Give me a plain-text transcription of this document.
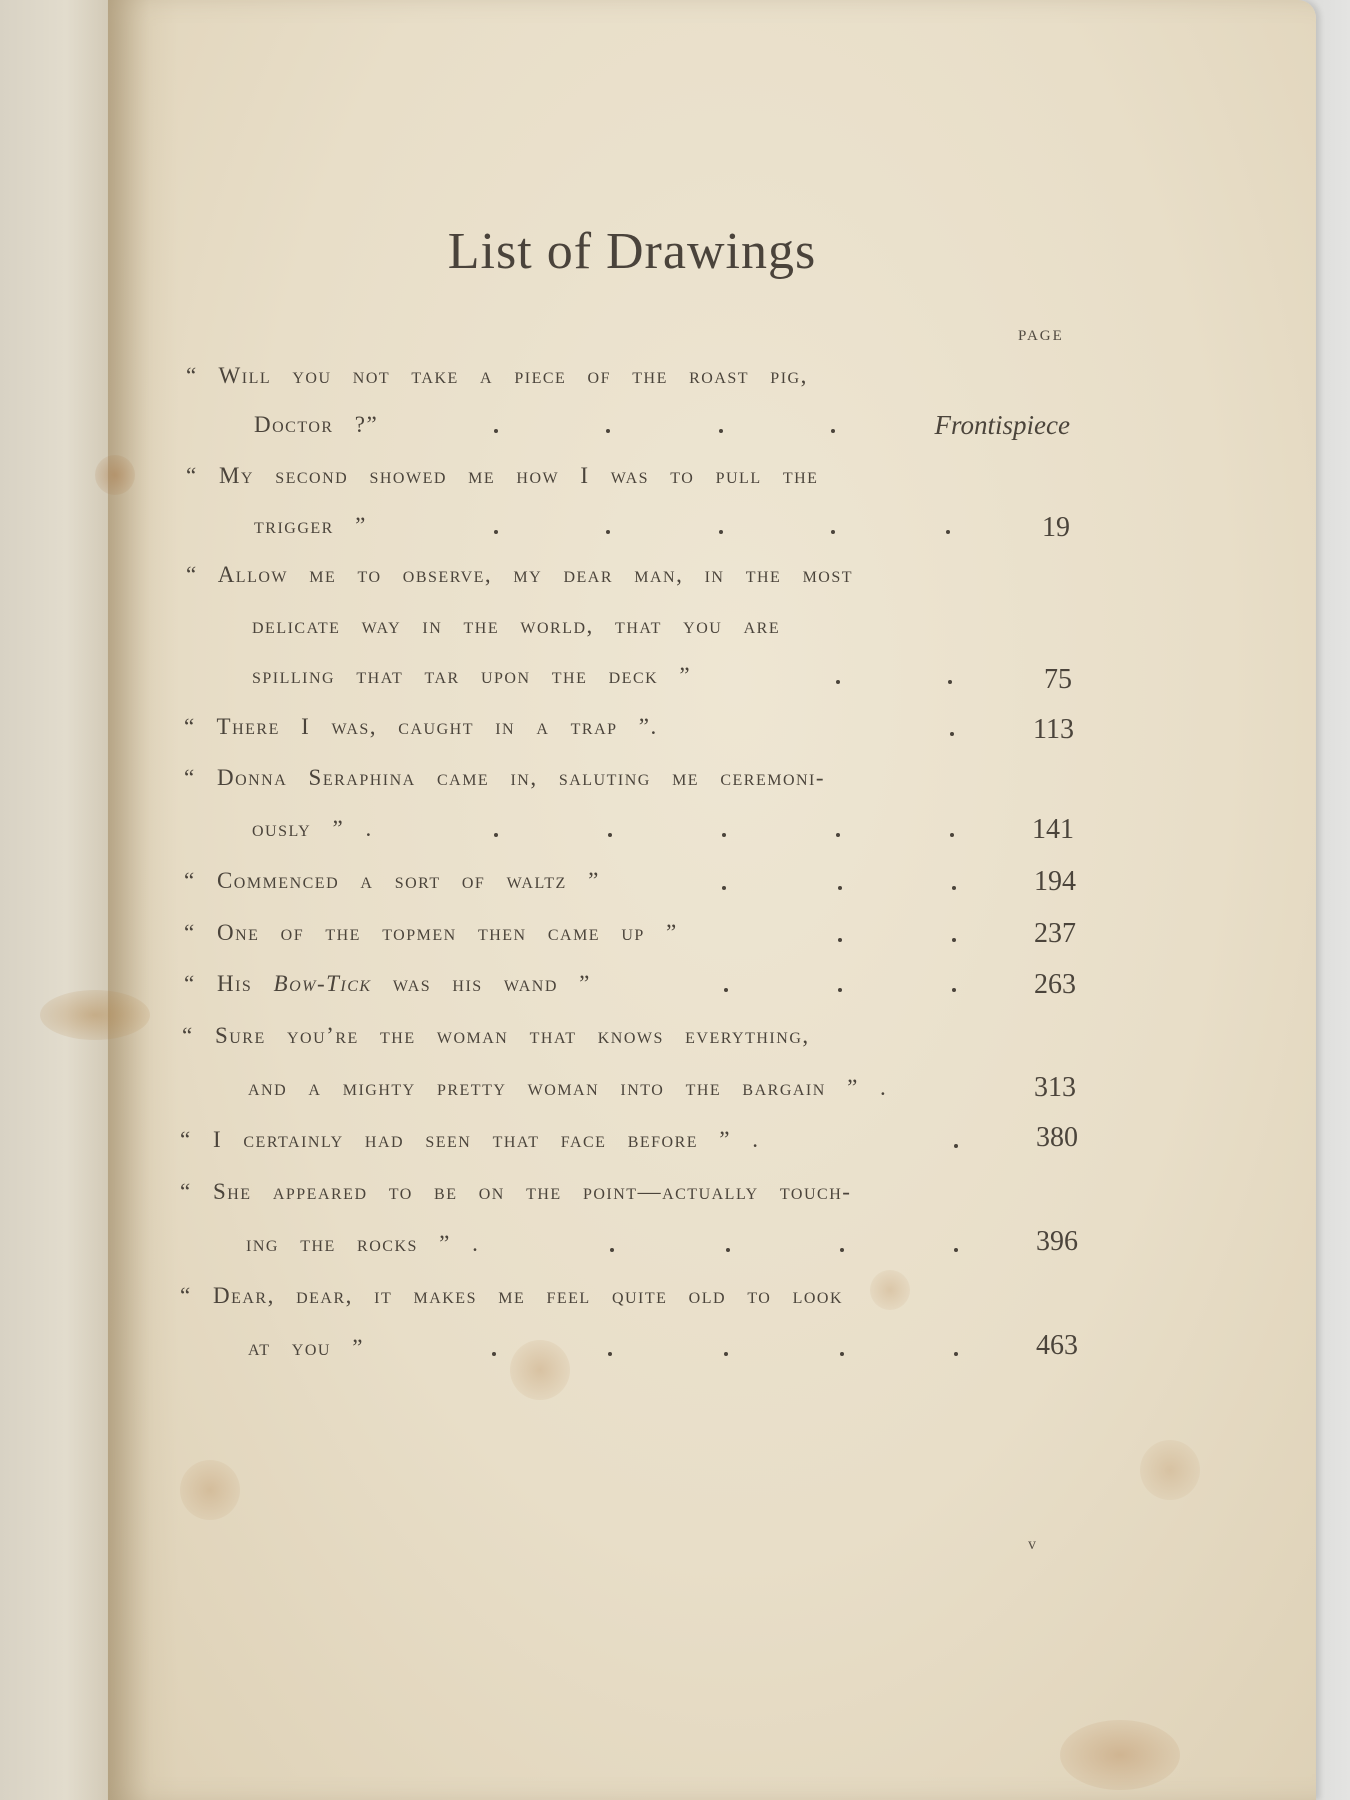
List of Drawings
PAGE
“ Will you not take a piece of the roast pig,
Doctor ?”	Frontispiece
“ My second showed me how I was to pull the
trigger ”	19
“ Allow me to observe, my dear man, in the most
delicate way in the world, that you are
spilling that tar upon the deck ”	75
“ There I was, caught in a trap ”.	113
“ Donna Seraphina came in, saluting me ceremoni-
ously ” .	141
“ Commenced a sort of waltz ”	194
“ One of the topmen then came up ”	237
“ His Bow-Tick was his wand ”	263
“ Sure you’re the woman that knows everything,
and a mighty pretty woman into the bargain ” .	313
“ I certainly had seen that face before ” .	380
“ She appeared to be on the point—actually touch-
ing the rocks ” .	396
“ Dear, dear, it makes me feel quite old to look
at you ”	463
v
